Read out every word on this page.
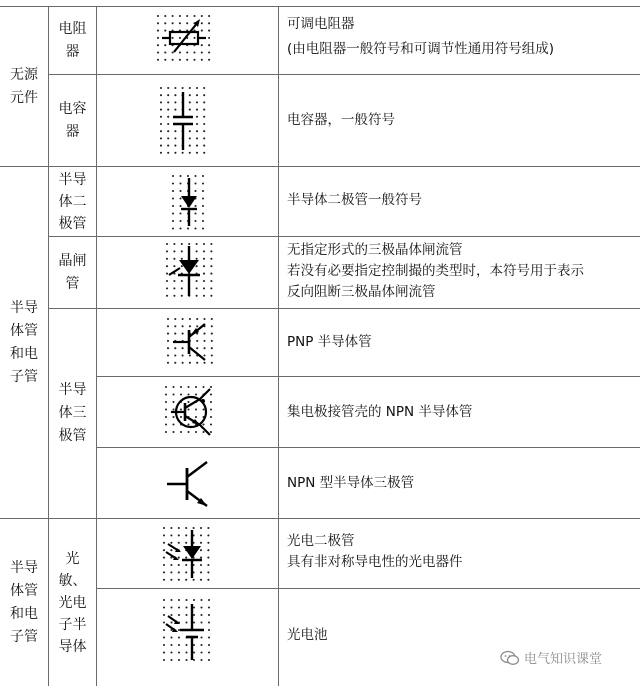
无源元件
半导体管和电子管
半导体管和电子管
电阻器
电容器
半导体二极管
晶闸管
半导体三极管
光敏、光电子半导体
可调电阻器
(由电阻器一般符号和可调节性通用符号组成)
电容器，一般符号
半导体二极管一般符号
无指定形式的三极晶体闸流管
若没有必要指定控制撮的类型时，本符号用于表示
反向阻断三极晶体闸流管
PNP 半导体管
集电极接管壳的 NPN 半导体管
NPN 型半导体三极管
光电二极管
具有非对称导电性的光电器件
光电池
电气知识课堂
